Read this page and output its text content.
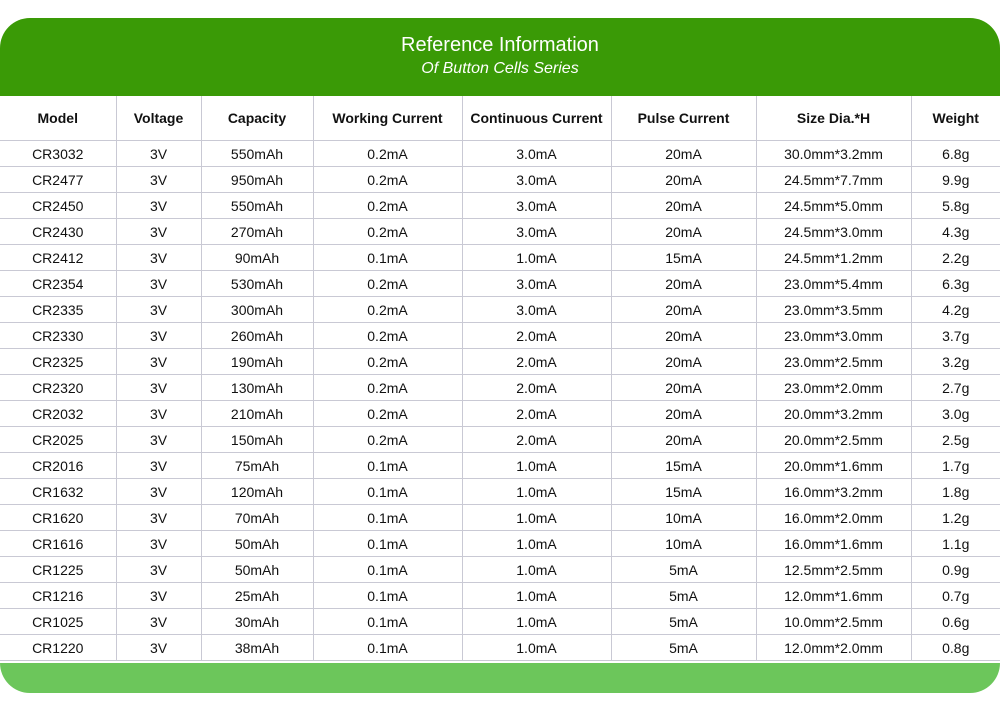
Reference Information
Of Button Cells Series
Model	Voltage	Capacity	Working Current	Continuous Current	Pulse Current	Size Dia.*H	Weight
CR3032	3V	550mAh	0.2mA	3.0mA	20mA	30.0mm*3.2mm	6.8g
CR2477	3V	950mAh	0.2mA	3.0mA	20mA	24.5mm*7.7mm	9.9g
CR2450	3V	550mAh	0.2mA	3.0mA	20mA	24.5mm*5.0mm	5.8g
CR2430	3V	270mAh	0.2mA	3.0mA	20mA	24.5mm*3.0mm	4.3g
CR2412	3V	90mAh	0.1mA	1.0mA	15mA	24.5mm*1.2mm	2.2g
CR2354	3V	530mAh	0.2mA	3.0mA	20mA	23.0mm*5.4mm	6.3g
CR2335	3V	300mAh	0.2mA	3.0mA	20mA	23.0mm*3.5mm	4.2g
CR2330	3V	260mAh	0.2mA	2.0mA	20mA	23.0mm*3.0mm	3.7g
CR2325	3V	190mAh	0.2mA	2.0mA	20mA	23.0mm*2.5mm	3.2g
CR2320	3V	130mAh	0.2mA	2.0mA	20mA	23.0mm*2.0mm	2.7g
CR2032	3V	210mAh	0.2mA	2.0mA	20mA	20.0mm*3.2mm	3.0g
CR2025	3V	150mAh	0.2mA	2.0mA	20mA	20.0mm*2.5mm	2.5g
CR2016	3V	75mAh	0.1mA	1.0mA	15mA	20.0mm*1.6mm	1.7g
CR1632	3V	120mAh	0.1mA	1.0mA	15mA	16.0mm*3.2mm	1.8g
CR1620	3V	70mAh	0.1mA	1.0mA	10mA	16.0mm*2.0mm	1.2g
CR1616	3V	50mAh	0.1mA	1.0mA	10mA	16.0mm*1.6mm	1.1g
CR1225	3V	50mAh	0.1mA	1.0mA	5mA	12.5mm*2.5mm	0.9g
CR1216	3V	25mAh	0.1mA	1.0mA	5mA	12.0mm*1.6mm	0.7g
CR1025	3V	30mAh	0.1mA	1.0mA	5mA	10.0mm*2.5mm	0.6g
CR1220	3V	38mAh	0.1mA	1.0mA	5mA	12.0mm*2.0mm	0.8g
